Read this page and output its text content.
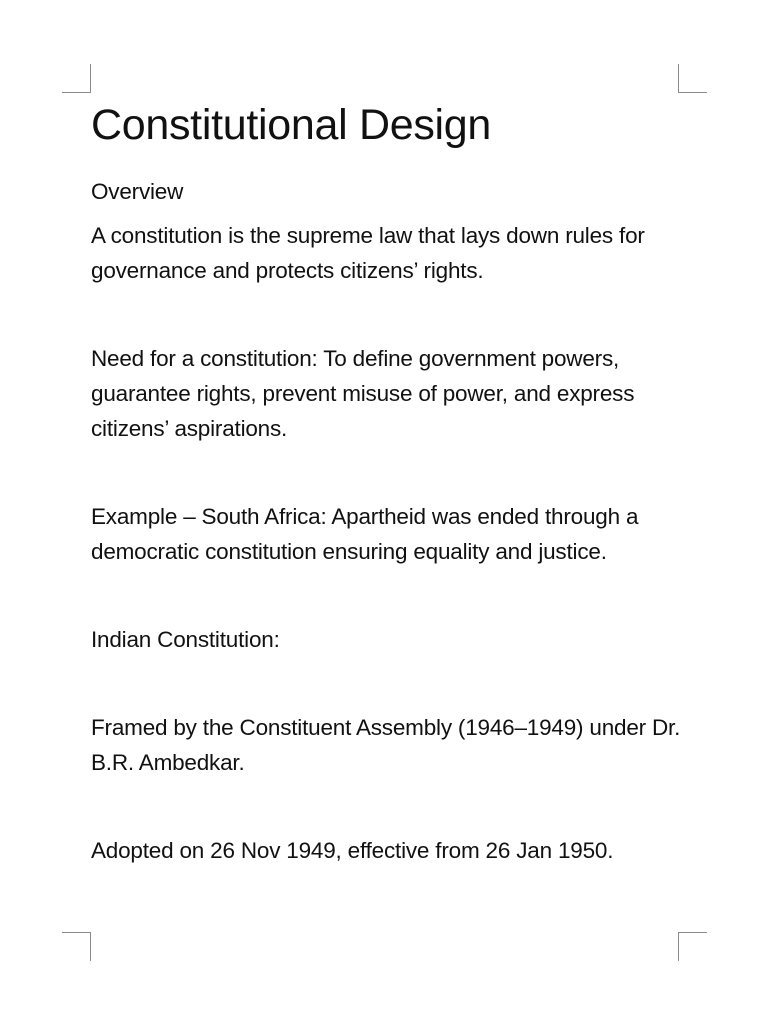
Constitutional Design

Overview

A constitution is the supreme law that lays down rules for governance and protects citizens’ rights.

Need for a constitution: To define government powers, guarantee rights, prevent misuse of power, and express citizens’ aspirations.

Example – South Africa: Apartheid was ended through a democratic constitution ensuring equality and justice.

Indian Constitution:

Framed by the Constituent Assembly (1946–1949) under Dr. B.R. Ambedkar.

Adopted on 26 Nov 1949, effective from 26 Jan 1950.
